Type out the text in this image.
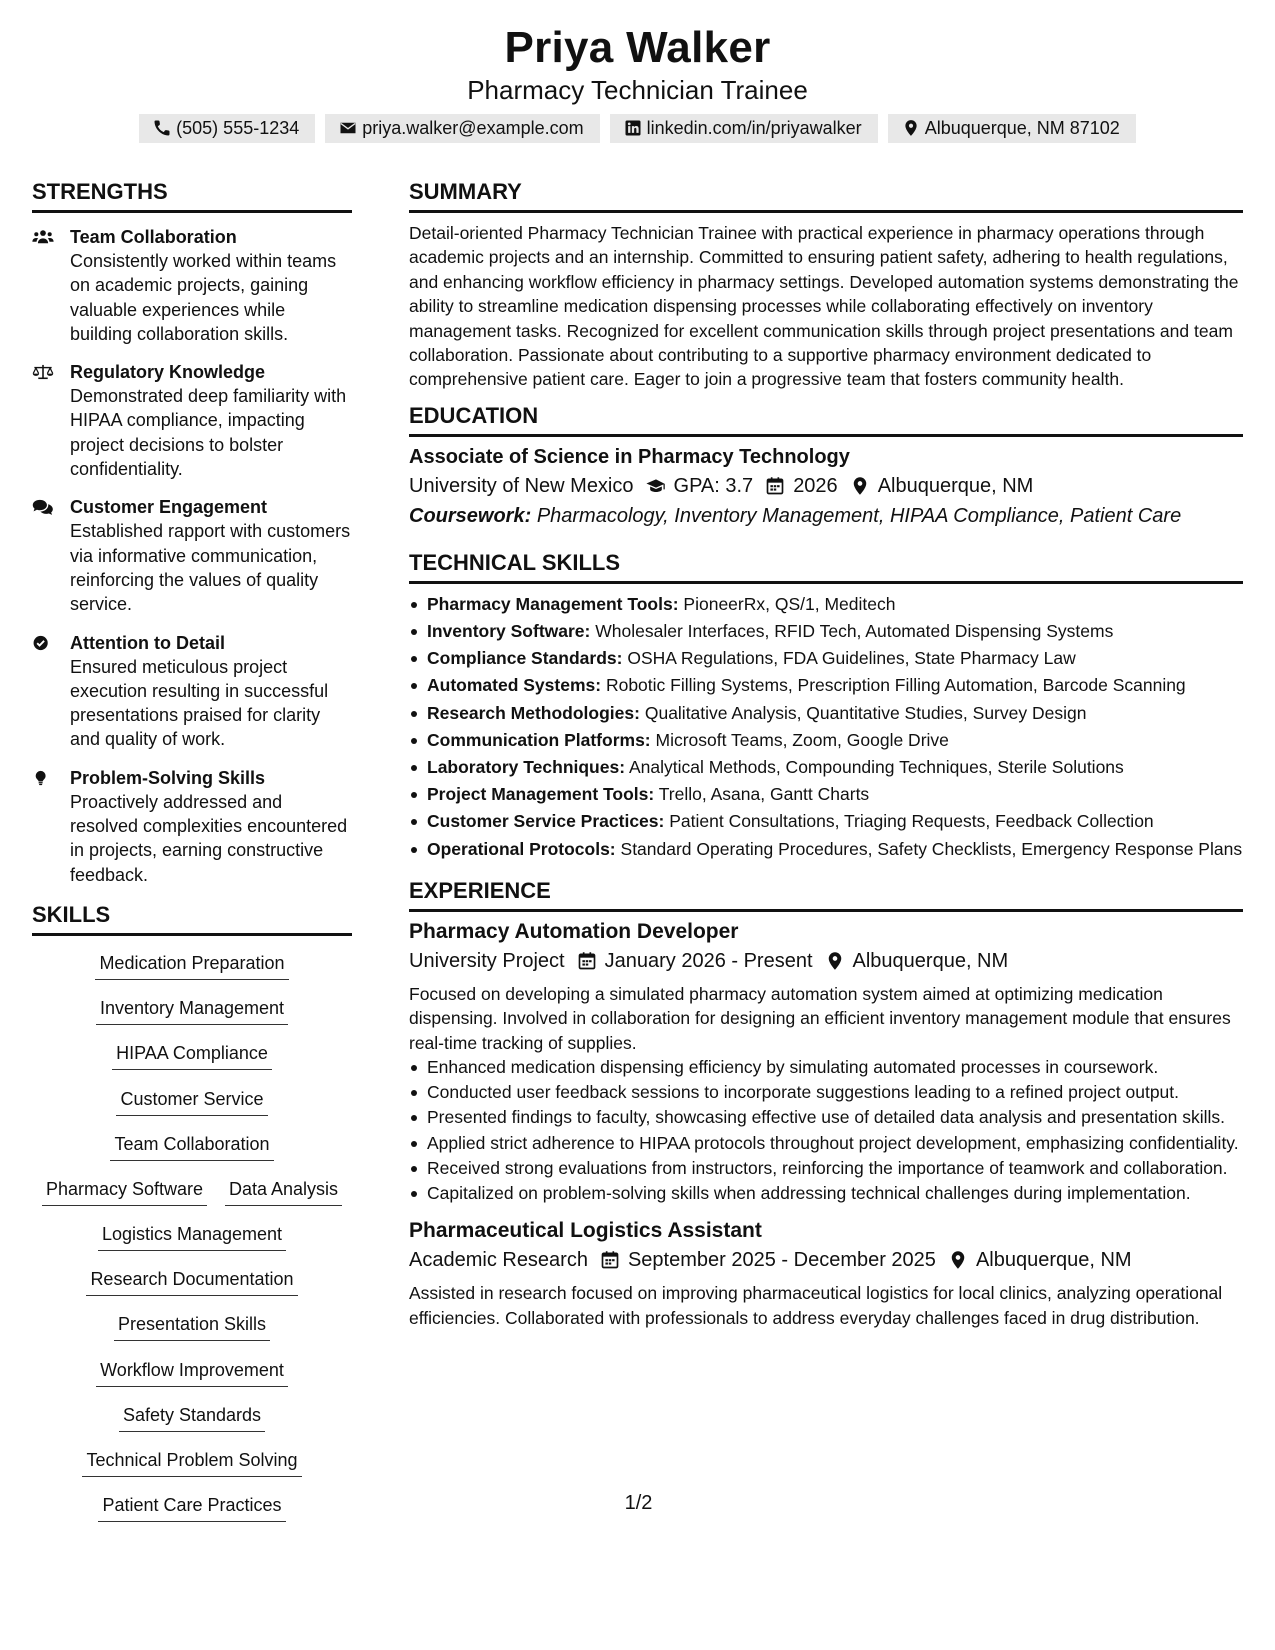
Priya Walker
Pharmacy Technician Trainee
(505) 555-1234	priya.walker@example.com	linkedin.com/in/priyawalker	Albuquerque, NM 87102
STRENGTHS
Team Collaboration
Consistently worked within teams on academic projects, gaining valuable experiences while building collaboration skills.
Regulatory Knowledge
Demonstrated deep familiarity with HIPAA compliance, impacting project decisions to bolster confidentiality.
Customer Engagement
Established rapport with customers via informative communication, reinforcing the values of quality service.
Attention to Detail
Ensured meticulous project execution resulting in successful presentations praised for clarity and quality of work.
Problem-Solving Skills
Proactively addressed and resolved complexities encountered in projects, earning constructive feedback.
SKILLS
Medication Preparation
Inventory Management
HIPAA Compliance
Customer Service
Team Collaboration
Pharmacy Software Data Analysis
Logistics Management
Research Documentation
Presentation Skills
Workflow Improvement
Safety Standards
Technical Problem Solving
Patient Care Practices
SUMMARY
Detail-oriented Pharmacy Technician Trainee with practical experience in pharmacy operations through academic projects and an internship. Committed to ensuring patient safety, adhering to health regulations, and enhancing workflow efficiency in pharmacy settings. Developed automation systems demonstrating the ability to streamline medication dispensing processes while collaborating effectively on inventory management tasks. Recognized for excellent communication skills through project presentations and team collaboration. Passionate about contributing to a supportive pharmacy environment dedicated to comprehensive patient care. Eager to join a progressive team that fosters community health.
EDUCATION
Associate of Science in Pharmacy Technology
University of New Mexico GPA: 3.7 2026 Albuquerque, NM
Coursework: Pharmacology, Inventory Management, HIPAA Compliance, Patient Care
TECHNICAL SKILLS
Pharmacy Management Tools: PioneerRx, QS/1, Meditech
Inventory Software: Wholesaler Interfaces, RFID Tech, Automated Dispensing Systems
Compliance Standards: OSHA Regulations, FDA Guidelines, State Pharmacy Law
Automated Systems: Robotic Filling Systems, Prescription Filling Automation, Barcode Scanning
Research Methodologies: Qualitative Analysis, Quantitative Studies, Survey Design
Communication Platforms: Microsoft Teams, Zoom, Google Drive
Laboratory Techniques: Analytical Methods, Compounding Techniques, Sterile Solutions
Project Management Tools: Trello, Asana, Gantt Charts
Customer Service Practices: Patient Consultations, Triaging Requests, Feedback Collection
Operational Protocols: Standard Operating Procedures, Safety Checklists, Emergency Response Plans
EXPERIENCE
Pharmacy Automation Developer
University Project January 2026 - Present Albuquerque, NM
Focused on developing a simulated pharmacy automation system aimed at optimizing medication dispensing. Involved in collaboration for designing an efficient inventory management module that ensures real-time tracking of supplies.
Enhanced medication dispensing efficiency by simulating automated processes in coursework.
Conducted user feedback sessions to incorporate suggestions leading to a refined project output.
Presented findings to faculty, showcasing effective use of detailed data analysis and presentation skills.
Applied strict adherence to HIPAA protocols throughout project development, emphasizing confidentiality.
Received strong evaluations from instructors, reinforcing the importance of teamwork and collaboration.
Capitalized on problem-solving skills when addressing technical challenges during implementation.
Pharmaceutical Logistics Assistant
Academic Research September 2025 - December 2025 Albuquerque, NM
Assisted in research focused on improving pharmaceutical logistics for local clinics, analyzing operational efficiencies. Collaborated with professionals to address everyday challenges faced in drug distribution.
1/2
